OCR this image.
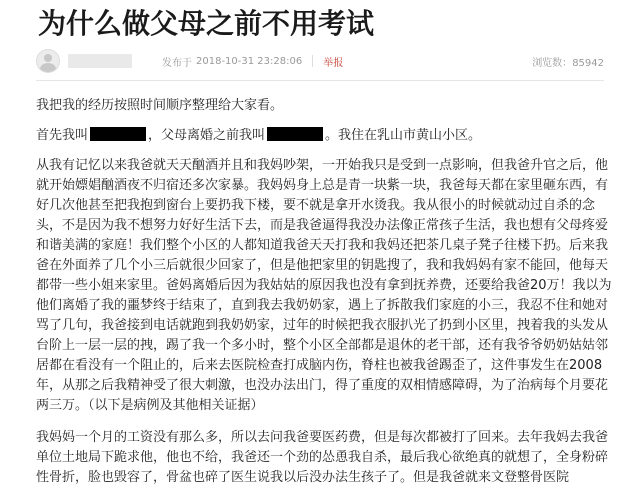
为什么做父母之前不用考试
发布于 2018-10-31 23:28:06 举报	浏览数：85942

我把我的经历按照时间顺序整理给大家看。

首先我叫	，父母离婚之前我叫	。我住在乳山市黄山小区。

从我有记忆以来我爸就天天酗酒并且和我妈吵架，一开始我只是受到一点影响，但我爸升官之后，他就开始嫖娼酗酒夜不归宿还多次家暴。我妈妈身上总是青一块紫一块，我爸每天都在家里砸东西，有好几次他甚至把我抱到窗台上要扔我下楼，要不就是拿开水烫我。我从很小的时候就动过自杀的念头，不是因为我不想努力好好生活下去，而是我爸逼得我没办法像正常孩子生活，我也想有父母疼爱和谐美满的家庭！我们整个小区的人都知道我爸天天打我和我妈还把茶几桌子凳子往楼下扔。后来我爸在外面养了几个小三后就很少回家了，但是他把家里的钥匙搜了，我和我妈妈有家不能回，他每天都带一些小姐来家里。爸妈离婚后因为我姑姑的原因我也没有拿到抚养费，还要给我爸20万！我以为他们离婚了我的噩梦终于结束了，直到我去我奶奶家，遇上了拆散我们家庭的小三，我忍不住和她对骂了几句，我爸接到电话就跑到我奶奶家，过年的时候把我衣服扒光了扔到小区里，拽着我的头发从台阶上一层一层的拽，踢了我一个多小时，整个小区全部都是退休的老干部，还有我爷爷奶奶姑姑邻居都在看没有一个阻止的，后来去医院检查打成脑内伤，脊柱也被我爸踢歪了，这件事发生在2008年，从那之后我精神受了很大刺激，也没办法出门，得了重度的双相情感障碍，为了治病每个月要花两三万。（以下是病例及其他相关证据）

我妈妈一个月的工资没有那么多，所以去问我爸要医药费，但是每次都被打了回来。去年我妈去我爸单位土地局下跪求他，他也不给，我爸还一个劲的怂恿我自杀，最后我心欲绝真的就想了，全身粉碎性骨折，脸也毁容了，骨盆也碎了医生说我以后没办法生孩子了。但是我爸就来文登整骨医院
